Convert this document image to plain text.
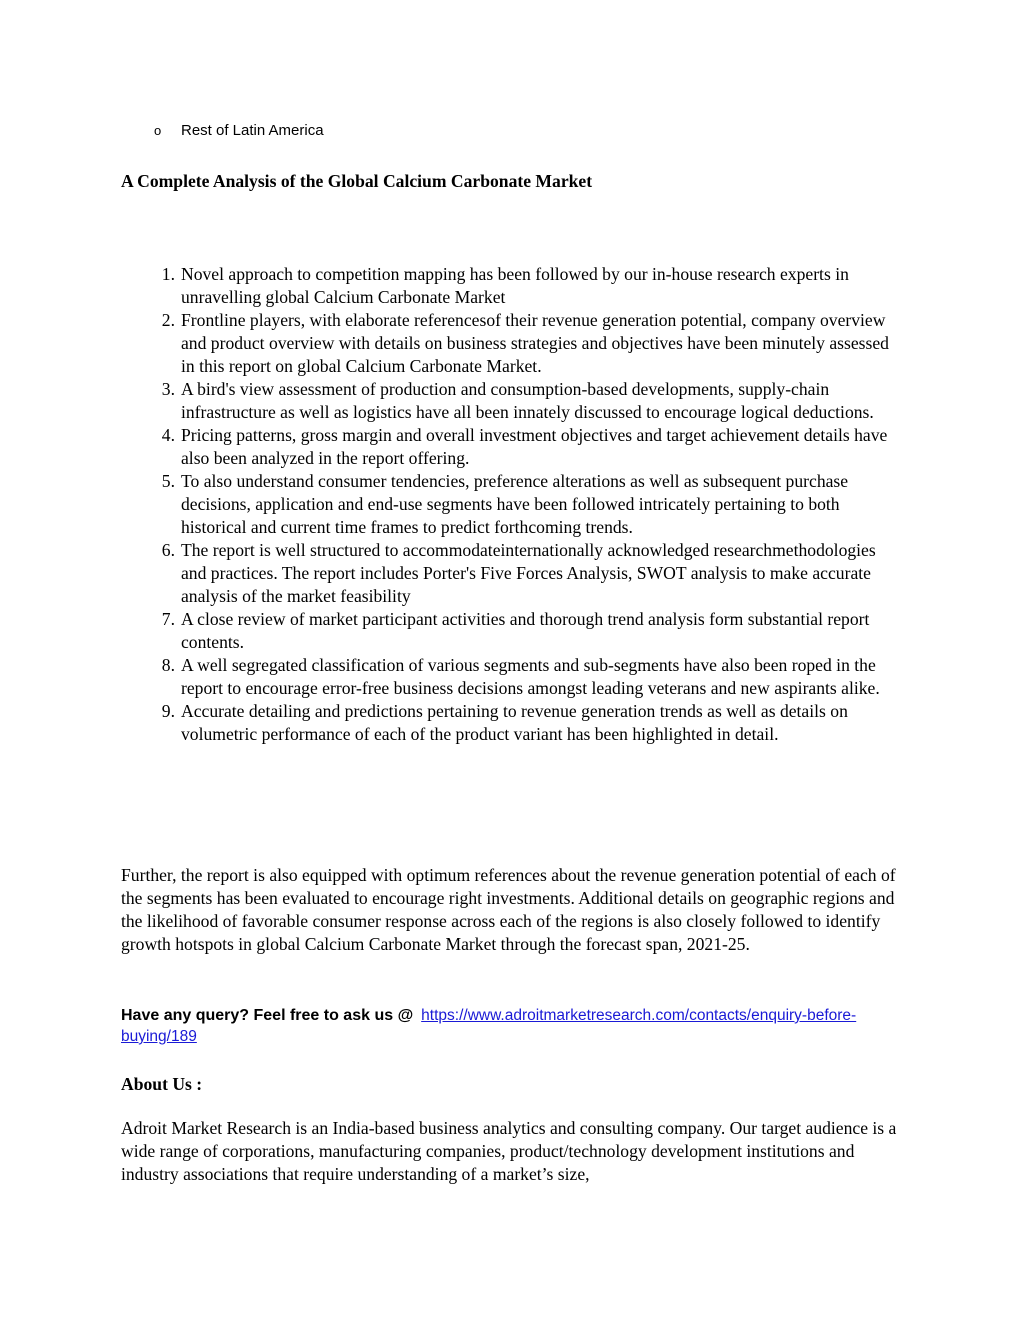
o Rest of Latin America
A Complete Analysis of the Global Calcium Carbonate Market
1. Novel approach to competition mapping has been followed by our in-house research experts in unravelling global Calcium Carbonate Market
2. Frontline players, with elaborate referencesof their revenue generation potential, company overview and product overview with details on business strategies and objectives have been minutely assessed in this report on global Calcium Carbonate Market.
3. A bird's view assessment of production and consumption-based developments, supply-chain infrastructure as well as logistics have all been innately discussed to encourage logical deductions.
4. Pricing patterns, gross margin and overall investment objectives and target achievement details have also been analyzed in the report offering.
5. To also understand consumer tendencies, preference alterations as well as subsequent purchase decisions, application and end-use segments have been followed intricately pertaining to both historical and current time frames to predict forthcoming trends.
6. The report is well structured to accommodateinternationally acknowledged researchmethodologies and practices. The report includes Porter's Five Forces Analysis, SWOT analysis to make accurate analysis of the market feasibility
7. A close review of market participant activities and thorough trend analysis form substantial report contents.
8. A well segregated classification of various segments and sub-segments have also been roped in the report to encourage error-free business decisions amongst leading veterans and new aspirants alike.
9. Accurate detailing and predictions pertaining to revenue generation trends as well as details on volumetric performance of each of the product variant has been highlighted in detail.

Further, the report is also equipped with optimum references about the revenue generation potential of each of the segments has been evaluated to encourage right investments. Additional details on geographic regions and the likelihood of favorable consumer response across each of the regions is also closely followed to identify growth hotspots in global Calcium Carbonate Market through the forecast span, 2021-25.

Have any query? Feel free to ask us @ https://www.adroitmarketresearch.com/contacts/enquiry-before-buying/189
About Us :

Adroit Market Research is an India-based business analytics and consulting company. Our target audience is a wide range of corporations, manufacturing companies, product/technology development institutions and industry associations that require understanding of a market’s size,
